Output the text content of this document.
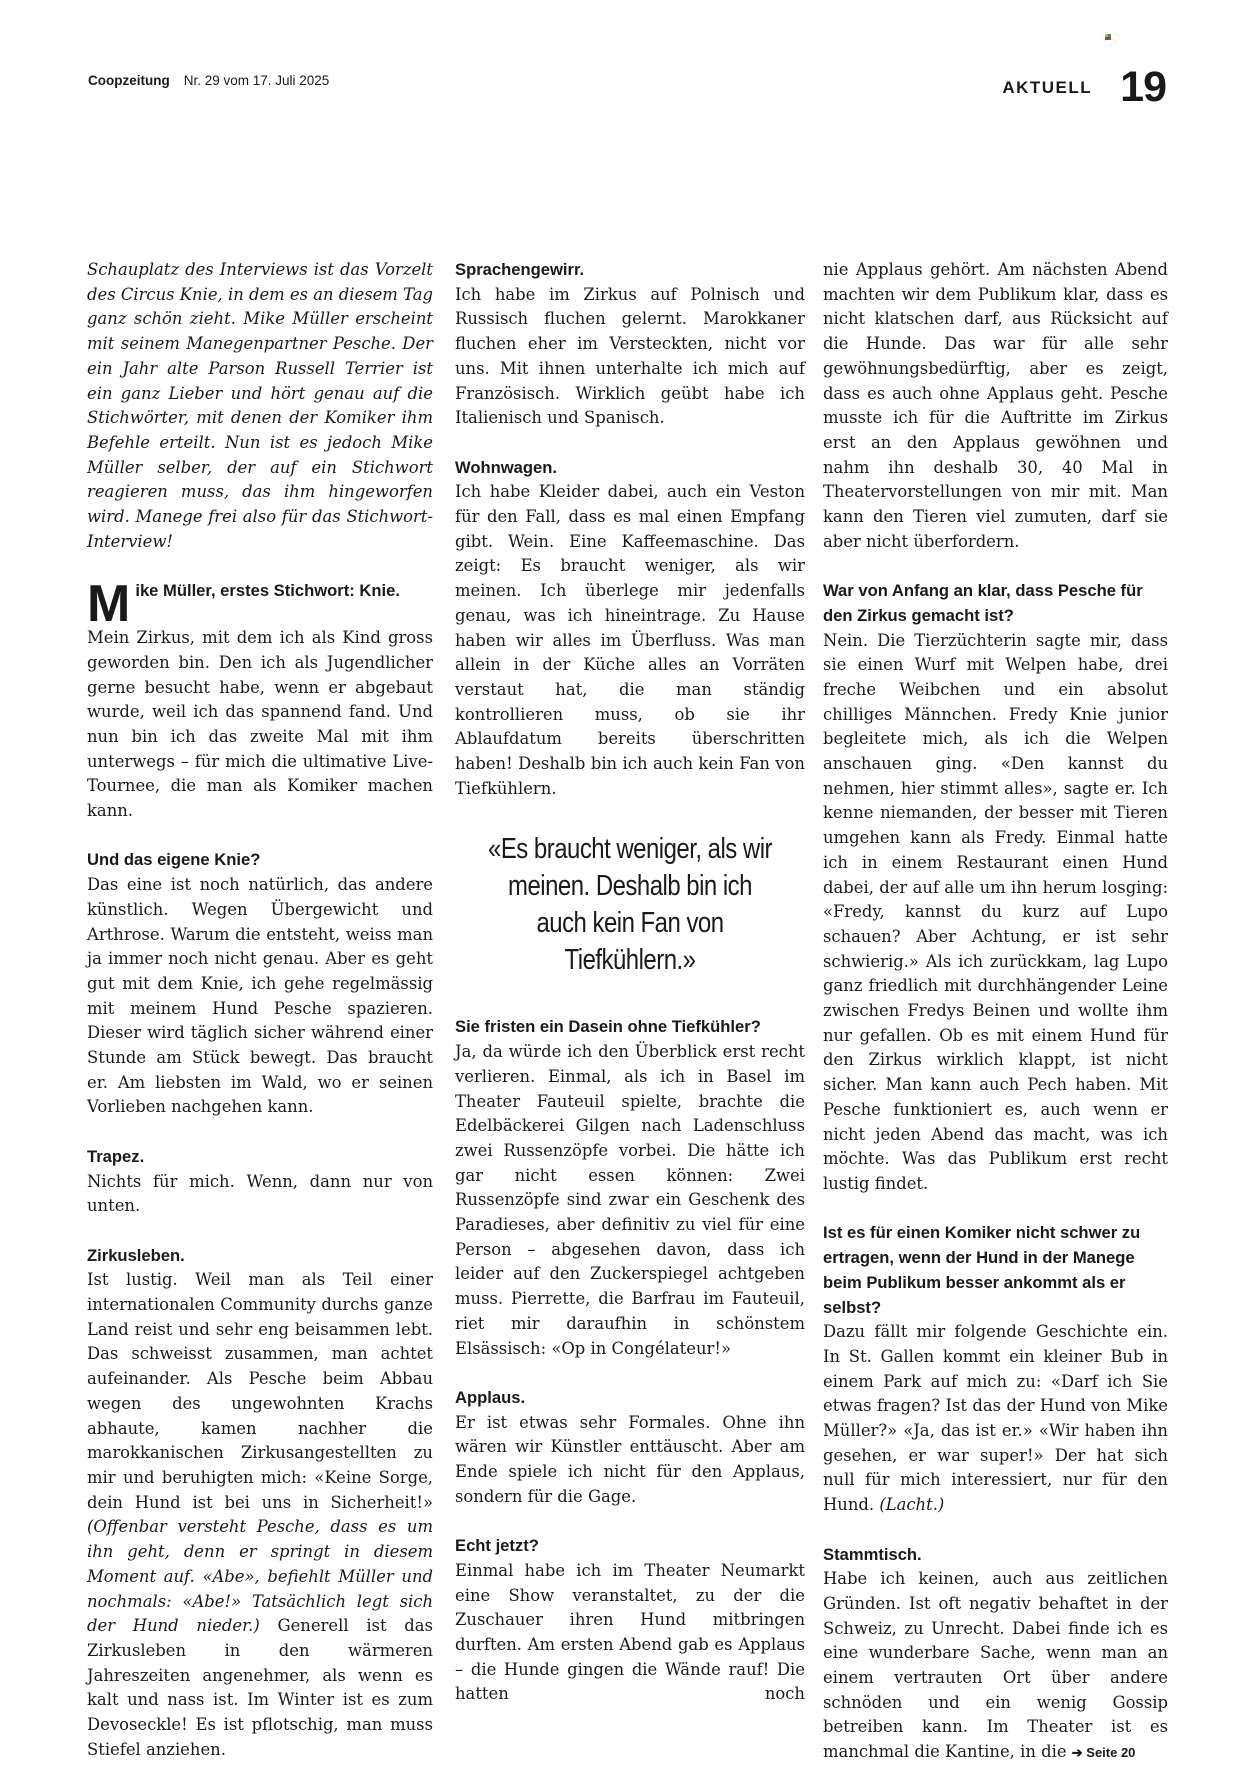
Coopzeitung Nr. 29 vom 17. Juli 2025	AKTUELL 19

Schauplatz des Interviews ist das Vorzelt des Circus Knie, in dem es an diesem Tag ganz schön zieht. Mike Müller erscheint mit seinem Manegenpartner Pesche. Der ein Jahr alte Parson Russell Terrier ist ein ganz Lieber und hört genau auf die Stichwörter, mit denen der Komiker ihm Befehle erteilt. Nun ist es jedoch Mike Müller selber, der auf ein Stichwort reagieren muss, das ihm hingeworfen wird. Manege frei also für das Stichwort-Interview!

M ike Müller, erstes Stichwort: Knie.

Mein Zirkus, mit dem ich als Kind gross geworden bin. Den ich als Jugendlicher gerne besucht habe, wenn er abgebaut wurde, weil ich das spannend fand. Und nun bin ich das zweite Mal mit ihm unterwegs – für mich die ultimative Live-Tournee, die man als Komiker machen kann.

Und das eigene Knie?

Das eine ist noch natürlich, das andere künstlich. Wegen Übergewicht und Arthrose. Warum die entsteht, weiss man ja immer noch nicht genau. Aber es geht gut mit dem Knie, ich gehe regelmässig mit meinem Hund Pesche spazieren. Dieser wird täglich sicher während einer Stunde am Stück bewegt. Das braucht er. Am liebsten im Wald, wo er seinen Vorlieben nachgehen kann.

Trapez.

Nichts für mich. Wenn, dann nur von unten.

Zirkusleben.

Ist lustig. Weil man als Teil einer internationalen Community durchs ganze Land reist und sehr eng beisammen lebt. Das schweisst zusammen, man achtet aufeinander. Als Pesche beim Abbau wegen des ungewohnten Krachs abhaute, kamen nachher die marokkanischen Zirkusangestellten zu mir und beruhigten mich: «Keine Sorge, dein Hund ist bei uns in Sicherheit!» (Offenbar versteht Pesche, dass es um ihn geht, denn er springt in diesem Moment auf. «Abe», befiehlt Müller und nochmals: «Abe!» Tatsächlich legt sich der Hund nieder.) Generell ist das Zirkusleben in den wärmeren Jahreszeiten angenehmer, als wenn es kalt und nass ist. Im Winter ist es zum Devoseckle! Es ist pflotschig, man muss Stiefel anziehen.

Sprachengewirr.

Ich habe im Zirkus auf Polnisch und Russisch fluchen gelernt. Marokkaner fluchen eher im Versteckten, nicht vor uns. Mit ihnen unterhalte ich mich auf Französisch. Wirklich geübt habe ich Italienisch und Spanisch.

Wohnwagen.

Ich habe Kleider dabei, auch ein Veston für den Fall, dass es mal einen Empfang gibt. Wein. Eine Kaffeemaschine. Das zeigt: Es braucht weniger, als wir meinen. Ich überlege mir jedenfalls genau, was ich hineintrage. Zu Hause haben wir alles im Überfluss. Was man allein in der Küche alles an Vorräten verstaut hat, die man ständig kontrollieren muss, ob sie ihr Ablaufdatum bereits überschritten haben! Deshalb bin ich auch kein Fan von Tiefkühlern.

«Es braucht weniger, als wir meinen. Deshalb bin ich auch kein Fan von Tiefkühlern.»
Sie fristen ein Dasein ohne Tiefkühler?

Ja, da würde ich den Überblick erst recht verlieren. Einmal, als ich in Basel im Theater Fauteuil spielte, brachte die Edelbäckerei Gilgen nach Ladenschluss zwei Russenzöpfe vorbei. Die hätte ich gar nicht essen können: Zwei Russenzöpfe sind zwar ein Geschenk des Paradieses, aber definitiv zu viel für eine Person – abgesehen davon, dass ich leider auf den Zuckerspiegel achtgeben muss. Pierrette, die Barfrau im Fauteuil, riet mir daraufhin in schönstem Elsässisch: «Op in Congélateur!»

Applaus.

Er ist etwas sehr Formales. Ohne ihn wären wir Künstler enttäuscht. Aber am Ende spiele ich nicht für den Applaus, sondern für die Gage.

Echt jetzt?

Einmal habe ich im Theater Neumarkt eine Show veranstaltet, zu der die Zuschauer ihren Hund mitbringen durften. Am ersten Abend gab es Applaus – die Hunde gingen die Wände rauf! Die hatten noch

nie Applaus gehört. Am nächsten Abend machten wir dem Publikum klar, dass es nicht klatschen darf, aus Rücksicht auf die Hunde. Das war für alle sehr gewöhnungsbedürftig, aber es zeigt, dass es auch ohne Applaus geht. Pesche musste ich für die Auftritte im Zirkus erst an den Applaus gewöhnen und nahm ihn deshalb 30, 40 Mal in Theatervorstellungen von mir mit. Man kann den Tieren viel zumuten, darf sie aber nicht überfordern.

War von Anfang an klar, dass Pesche für den Zirkus gemacht ist?

Nein. Die Tierzüchterin sagte mir, dass sie einen Wurf mit Welpen habe, drei freche Weibchen und ein absolut chilliges Männchen. Fredy Knie junior begleitete mich, als ich die Welpen anschauen ging. «Den kannst du nehmen, hier stimmt alles», sagte er. Ich kenne niemanden, der besser mit Tieren umgehen kann als Fredy. Einmal hatte ich in einem Restaurant einen Hund dabei, der auf alle um ihn herum losging: «Fredy, kannst du kurz auf Lupo schauen? Aber Achtung, er ist sehr schwierig.» Als ich zurückkam, lag Lupo ganz friedlich mit durchhängender Leine zwischen Fredys Beinen und wollte ihm nur gefallen. Ob es mit einem Hund für den Zirkus wirklich klappt, ist nicht sicher. Man kann auch Pech haben. Mit Pesche funktioniert es, auch wenn er nicht jeden Abend das macht, was ich möchte. Was das Publikum erst recht lustig findet.

Ist es für einen Komiker nicht schwer zu ertragen, wenn der Hund in der Manege beim Publikum besser ankommt als er selbst?

Dazu fällt mir folgende Geschichte ein. In St. Gallen kommt ein kleiner Bub in einem Park auf mich zu: «Darf ich Sie etwas fragen? Ist das der Hund von Mike Müller?» «Ja, das ist er.» «Wir haben ihn gesehen, er war super!» Der hat sich null für mich interessiert, nur für den Hund. (Lacht.)

Stammtisch.

Habe ich keinen, auch aus zeitlichen Gründen. Ist oft negativ behaftet in der Schweiz, zu Unrecht. Dabei finde ich es eine wunderbare Sache, wenn man an einem vertrauten Ort über andere schnöden und ein wenig Gossip betreiben kann. Im Theater ist es manchmal die Kantine, in die ➔ Seite 20
